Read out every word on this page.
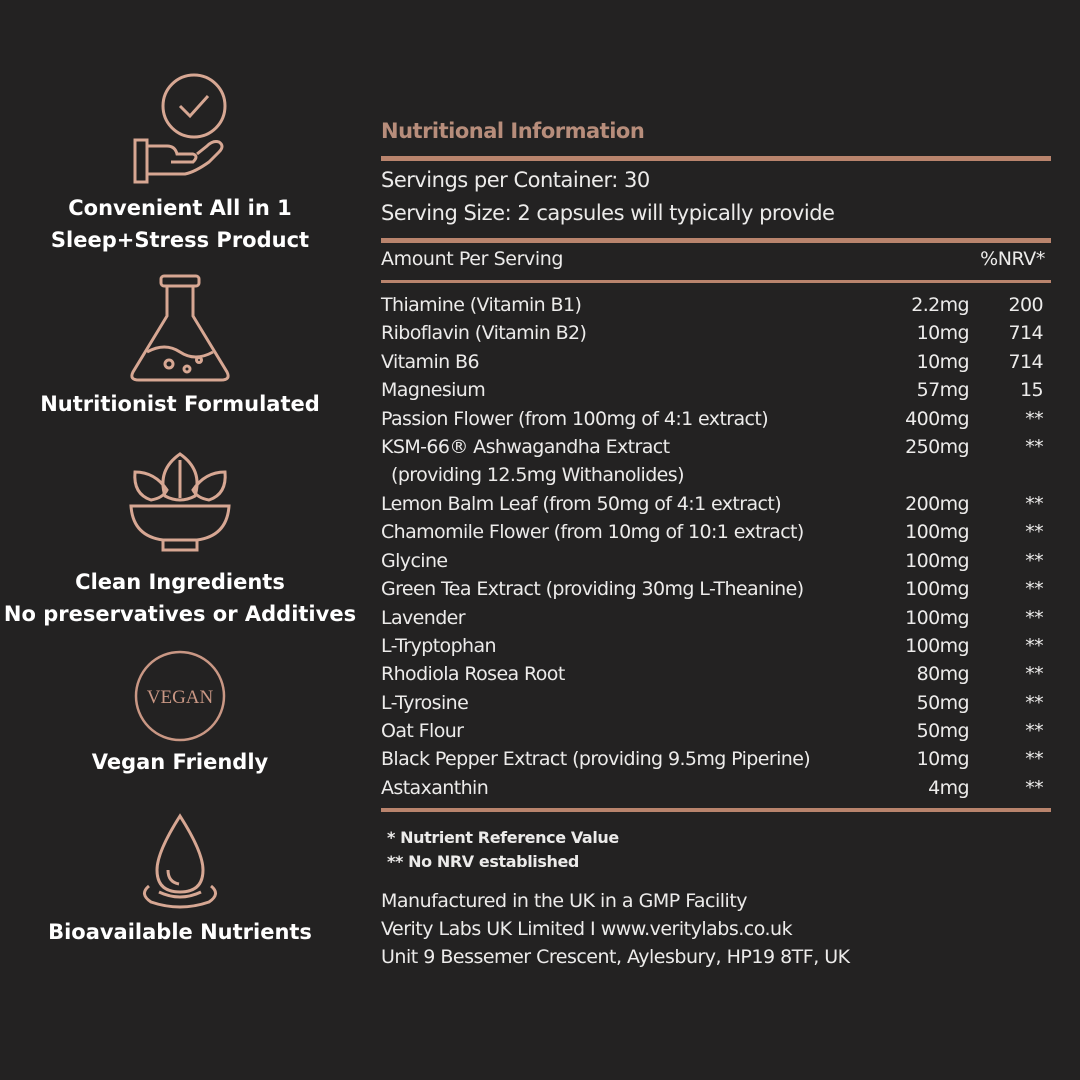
Convenient All in 1
Sleep+Stress Product
Nutritionist Formulated
Clean Ingredients
No preservatives or Additives
VEGAN
Vegan Friendly
Bioavailable Nutrients
Nutritional Information
Servings per Container: 30
Serving Size: 2 capsules will typically provide
Amount Per Serving	%NRV*
Thiamine (Vitamin B1)	2.2mg 200
Riboflavin (Vitamin B2)	10mg 714
Vitamin B6	10mg 714
Magnesium	57mg	15
Passion Flower (from 100mg of 4:1 extract)	400mg	**
KSM-66® Ashwagandha Extract	250mg	**
(providing 12.5mg Withanolides)
Lemon Balm Leaf (from 50mg of 4:1 extract)	200mg	**
Chamomile Flower (from 10mg of 10:1 extract)	100mg	**
Glycine	100mg	**
Green Tea Extract (providing 30mg L-Theanine)	100mg	**
Lavender	100mg	**
L-Tryptophan	100mg	**
Rhodiola Rosea Root	80mg	**
L-Tyrosine	50mg	**
Oat Flour	50mg	**
Black Pepper Extract (providing 9.5mg Piperine)	10mg	**
Astaxanthin	4mg	**
* Nutrient Reference Value
** No NRV established
Manufactured in the UK in a GMP Facility
Verity Labs UK Limited I www.veritylabs.co.uk
Unit 9 Bessemer Crescent, Aylesbury, HP19 8TF, UK
